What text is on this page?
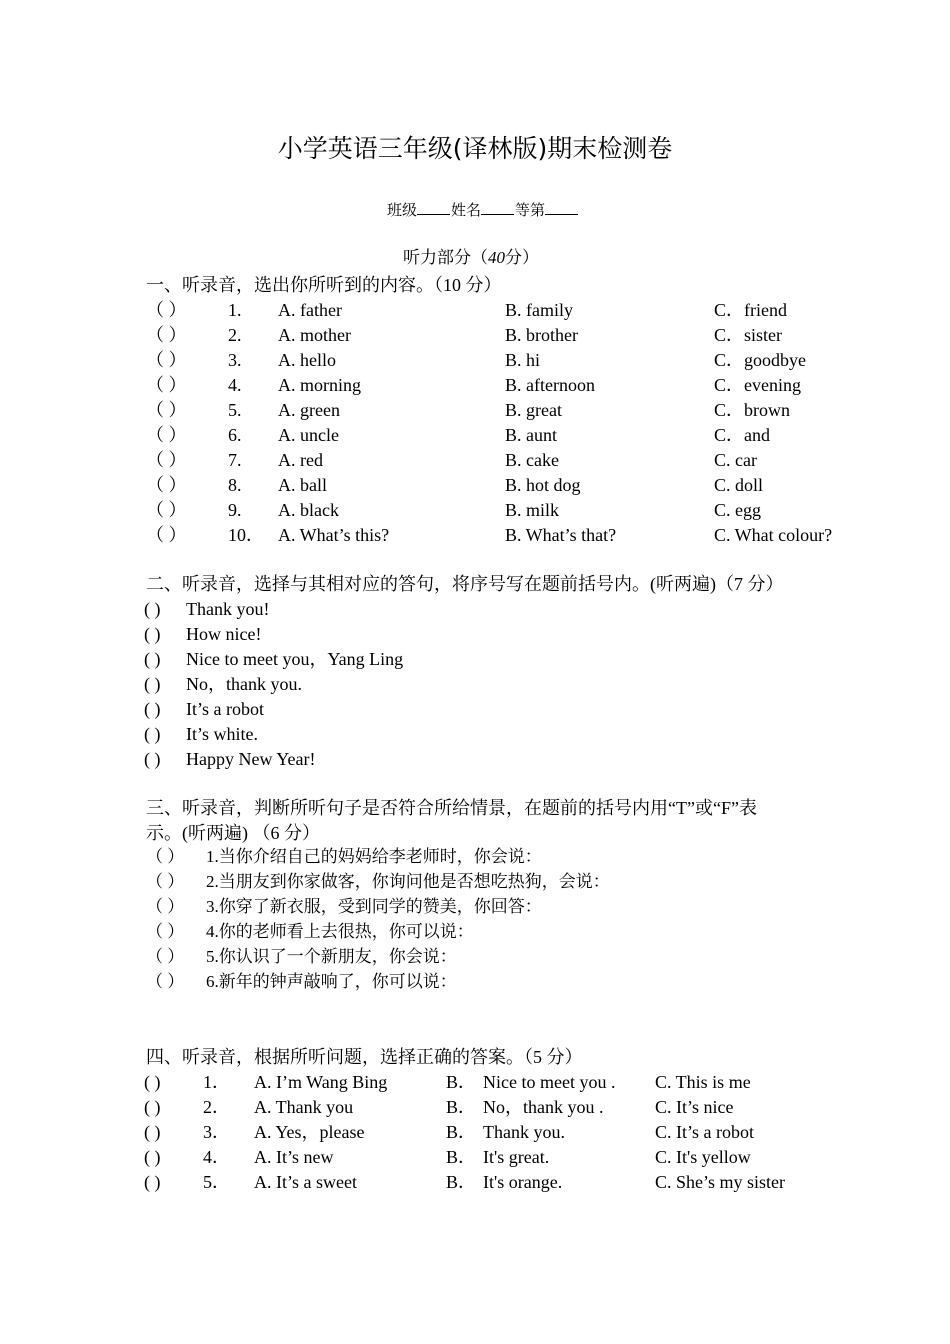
小学英语三年级(译林版)期末检测卷
班级 姓名 等第
听力部分（40分）
一、听录音，选出你所听到的内容。（10 分）
（ ） 1. A. father	B. family	C．friend
（ ） 2. A. mother	B. brother	C．sister
（ ） 3. A. hello	B. hi	C．goodbye
（ ） 4. A. morning	B. afternoon	C．evening
（ ） 5. A. green	B. great	C．brown
（ ） 6. A. uncle	B. aunt	C．and
（ ） 7. A. red	B. cake	C. car
（ ） 8. A. ball	B. hot dog	C. doll
（ ） 9. A. black	B. milk	C. egg
（ ） 10． A. What’s this?	B. What’s that?	C. What colour?
二、听录音，选择与其相对应的答句，将序号写在题前括号内。(听两遍)（7 分）
( ) Thank you!
( ) How nice!
( ) Nice to meet you，Yang Ling
( ) No，thank you.
( ) It’s a robot
( ) It’s white.
( ) Happy New Year!
三、听录音，判断所听句子是否符合所给情景，在题前的括号内用“T”或“F”表
示。(听两遍) （6 分）
（ ） 1.当你介绍自己的妈妈给李老师时，你会说：
（ ） 2.当朋友到你家做客，你询问他是否想吃热狗，会说：
（ ） 3.你穿了新衣服，受到同学的赞美，你回答：
（ ） 4.你的老师看上去很热，你可以说：
（ ） 5.你认识了一个新朋友，你会说：
（ ） 6.新年的钟声敲响了，你可以说：
四、听录音，根据所听问题，选择正确的答案。（5 分）
( ) 1． A. I’m Wang Bing	B． Nice to meet you . C. This is me
( ) 2． A. Thank you	B． No，thank you .	C. It’s nice
( ) 3． A. Yes，please	B． Thank you.	C. It’s a robot
( ) 4． A. It’s new	B． It's great.	C. It's yellow
( ) 5． A. It’s a sweet	B． It's orange.	C. She’s my sister
